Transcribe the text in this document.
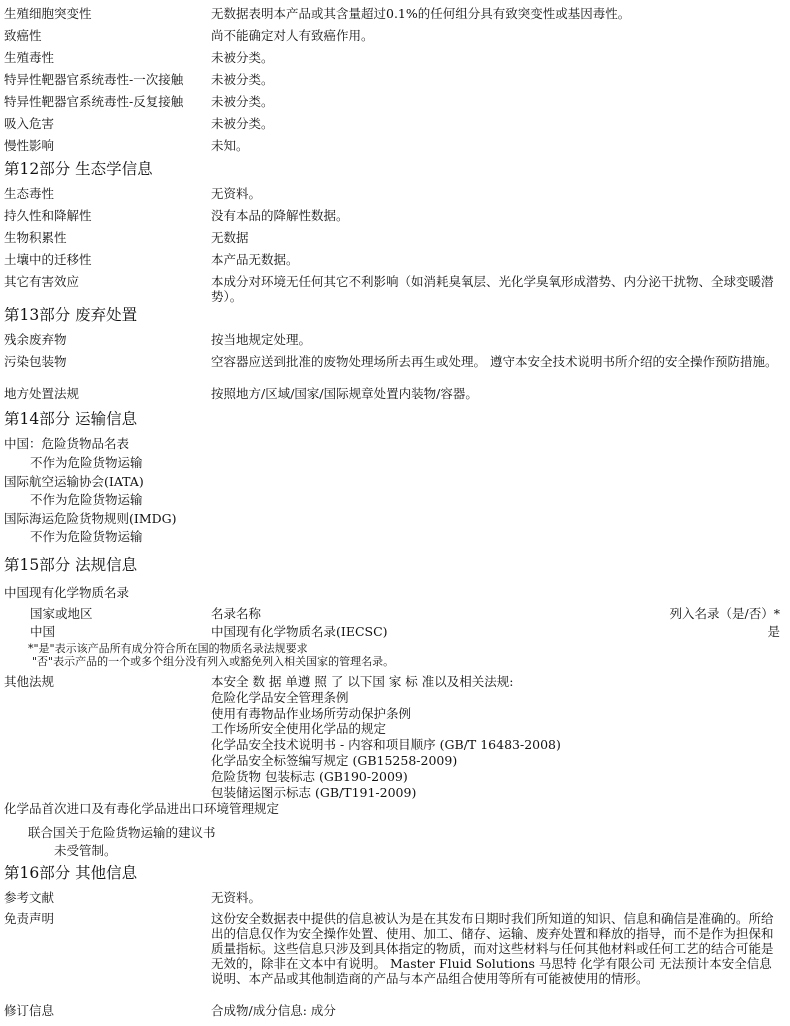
生殖细胞突变性	无数据表明本产品或其含量超过0.1%的任何组分具有致突变性或基因毒性。
致癌性	尚不能确定对人有致癌作用。
生殖毒性	未被分类。
特异性靶器官系统毒性-一次接触 未被分类。
特异性靶器官系统毒性-反复接触 未被分类。
吸入危害	未被分类。
慢性影响	未知。
第12部分 生态学信息
生态毒性	无资料。
持久性和降解性	没有本品的降解性数据。
生物积累性	无数据
土壤中的迁移性	本产品无数据。
其它有害效应	本成分对环境无任何其它不利影响（如消耗臭氧层、光化学臭氧形成潜势、内分泌干扰物、全球变暖潜势）。
第13部分 废弃处置
残余废弃物	按当地规定处理。
污染包装物	空容器应送到批准的废物处理场所去再生或处理。 遵守本安全技术说明书所介绍的安全操作预防措施。
地方处置法规	按照地方/区域/国家/国际规章处置内装物/容器。
第14部分 运输信息
中国：危险货物品名表
不作为危险货物运输
国际航空运输协会(IATA)
不作为危险货物运输
国际海运危险货物规则(IMDG)
不作为危险货物运输
第15部分 法规信息
中国现有化学物质名录
国家或地区	名录名称	列入名录（是/否）*
中国	中国现有化学物质名录(IECSC)	是
*"是"表示该产品所有成分符合所在国的物质名录法规要求
"否"表示产品的一个或多个组分没有列入或豁免列入相关国家的管理名录。
其他法规	本安全 数 据 单遵 照 了 以下国 家 标 准以及相关法规:
危险化学品安全管理条例
使用有毒物品作业场所劳动保护条例
工作场所安全使用化学品的规定
化学品安全技术说明书 - 内容和项目顺序 (GB/T 16483-2008)
化学品安全标签编写规定 (GB15258-2009)
危险货物 包装标志 (GB190-2009)
包装储运图示标志 (GB/T191-2009)
化学品首次进口及有毒化学品进出口环境管理规定
联合国关于危险货物运输的建议书
未受管制。
第16部分 其他信息
参考文献	无资料。
免责声明	这份安全数据表中提供的信息被认为是在其发布日期时我们所知道的知识、信息和确信是准确的。所给出的信息仅作为安全操作处置、使用、加工、储存、运输、废弃处置和释放的指导，而不是作为担保和质量指标。这些信息只涉及到具体指定的物质，而对这些材料与任何其他材料或任何工艺的结合可能是无效的，除非在文本中有说明。 Master Fluid Solutions 马思特 化学有限公司 无法预计本安全信息说明、本产品或其他制造商的产品与本产品组合使用等所有可能被使用的情形。
修订信息	合成物/成分信息: 成分
